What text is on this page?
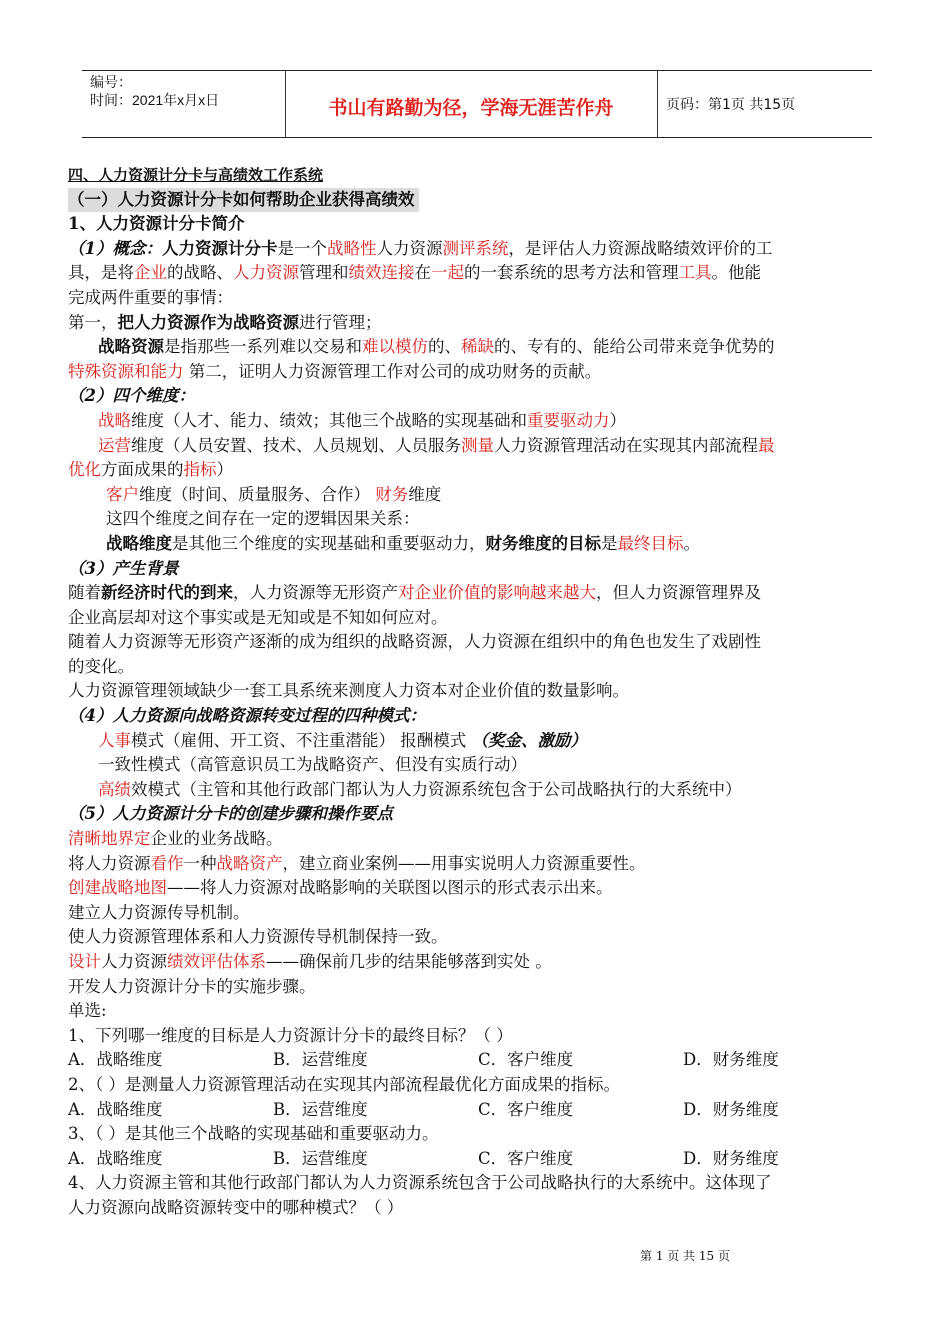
编号：
时间：2021年x月x日	书山有路勤为径，学海无涯苦作舟	页码：第1页 共15页
四、人力资源计分卡与高绩效工作系统
（一）人力资源计分卡如何帮助企业获得高绩效
1、人力资源计分卡简介
（1）概念：人力资源计分卡是一个战略性人力资源测评系统，是评估人力资源战略绩效评价的工
具，是将企业的战略、人力资源管理和绩效连接在一起的一套系统的思考方法和管理工具。他能
完成两件重要的事情：
第一，把人力资源作为战略资源进行管理；
战略资源是指那些一系列难以交易和难以模仿的、稀缺的、专有的、能给公司带来竞争优势的
特殊资源和能力 第二，证明人力资源管理工作对公司的成功财务的贡献。
（2）四个维度：
战略维度（人才、能力、绩效；其他三个战略的实现基础和重要驱动力）
运营维度（人员安置、技术、人员规划、人员服务测量人力资源管理活动在实现其内部流程最
优化方面成果的指标）
客户维度（时间、质量服务、合作） 财务维度
这四个维度之间存在一定的逻辑因果关系：
战略维度是其他三个维度的实现基础和重要驱动力，财务维度的目标是最终目标。
（3）产生背景
随着新经济时代的到来，人力资源等无形资产对企业价值的影响越来越大，但人力资源管理界及
企业高层却对这个事实或是无知或是不知如何应对。
随着人力资源等无形资产逐渐的成为组织的战略资源，人力资源在组织中的角色也发生了戏剧性
的变化。
人力资源管理领域缺少一套工具系统来测度人力资本对企业价值的数量影响。
（4）人力资源向战略资源转变过程的四种模式：
人事模式（雇佣、开工资、不注重潜能） 报酬模式 （奖金、激励）
一致性模式（高管意识员工为战略资产、但没有实质行动）
高绩效模式（主管和其他行政部门都认为人力资源系统包含于公司战略执行的大系统中）
（5）人力资源计分卡的创建步骤和操作要点
清晰地界定企业的业务战略。
将人力资源看作一种战略资产，建立商业案例——用事实说明人力资源重要性。
创建战略地图——将人力资源对战略影响的关联图以图示的形式表示出来。
建立人力资源传导机制。
使人力资源管理体系和人力资源传导机制保持一致。
设计人力资源绩效评估体系——确保前几步的结果能够落到实处 。
开发人力资源计分卡的实施步骤。
单选:
1、下列哪一维度的目标是人力资源计分卡的最终目标？（ ）
A．战略维度	B．运营维度	C．客户维度	D．财务维度
2、（ ）是测量人力资源管理活动在实现其内部流程最优化方面成果的指标。
A．战略维度	B．运营维度	C．客户维度	D．财务维度
3、（ ）是其他三个战略的实现基础和重要驱动力。
A．战略维度	B．运营维度	C．客户维度	D．财务维度
4、人力资源主管和其他行政部门都认为人力资源系统包含于公司战略执行的大系统中。这体现了
人力资源向战略资源转变中的哪种模式？（ ）
第 1 页 共 15 页
